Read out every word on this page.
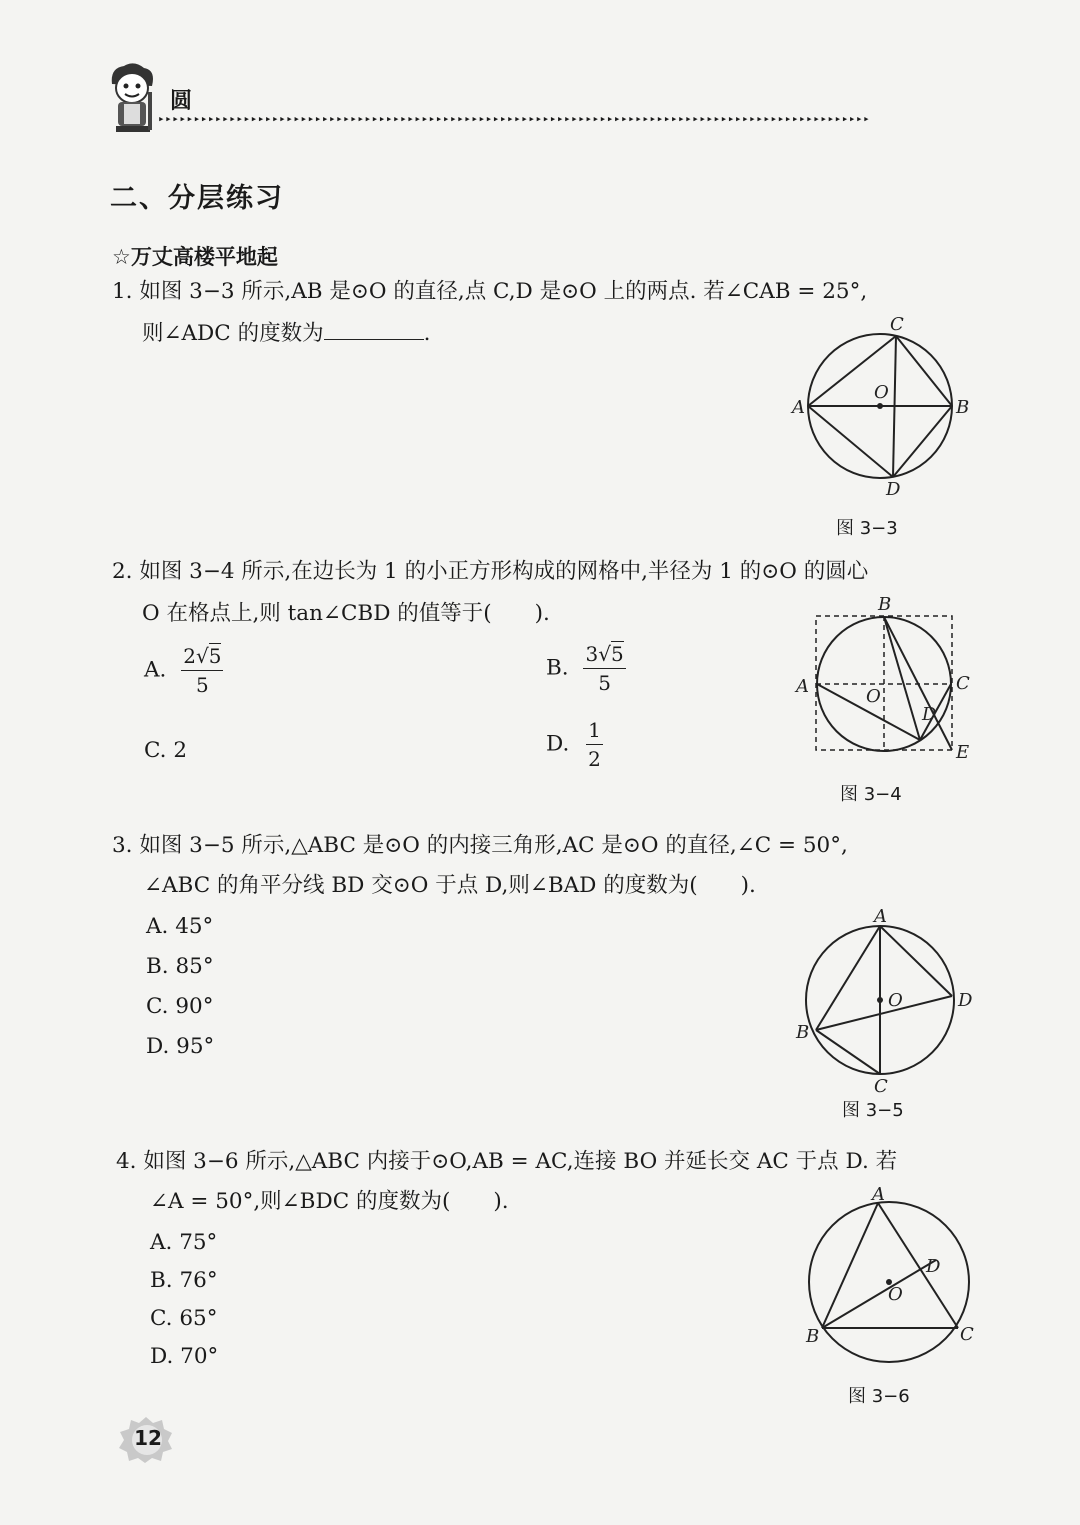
圆
▸▸▸▸▸▸▸▸▸▸▸▸▸▸▸▸▸▸▸▸▸▸▸▸▸▸▸▸▸▸▸▸▸▸▸▸▸▸▸▸▸▸▸▸▸▸▸▸▸▸▸▸▸▸▸▸▸▸▸▸▸▸▸▸▸▸▸▸▸▸▸▸▸▸▸▸▸▸▸▸▸▸▸▸▸▸▸▸▸▸▸▸▸▸▸▸▸▸▸▸
二、分层练习
☆万丈高楼平地起
1. 如图 3−3 所示,AB 是⊙O 的直径,点 C,D 是⊙O 上的两点. 若∠CAB = 25°,
则∠ADC 的度数为	.
A	B
C
D
O
图 3−3
2. 如图 3−4 所示,在边长为 1 的小正方形构成的网格中,半径为 1 的⊙O 的圆心
O 在格点上,则 tan∠CBD 的值等于(　　).
A. $\frac{2√5}{5}$	B. $\frac{3√5}{5}$
C. 2	D. $\frac{1}{2}$
B
A	C
D
E
O
图 3−4
3. 如图 3−5 所示,△ABC 是⊙O 的内接三角形,AC 是⊙O 的直径,∠C = 50°,
∠ABC 的角平分线 BD 交⊙O 于点 D,则∠BAD 的度数为(　　).
A. 45°
B. 85°
C. 90°
D. 95°
A
B
C
D
O
图 3−5
4. 如图 3−6 所示,△ABC 内接于⊙O,AB = AC,连接 BO 并延长交 AC 于点 D. 若
∠A = 50°,则∠BDC 的度数为(　　).
A. 75°
B. 76°
C. 65°
D. 70°
A
B	C
D
O
图 3−6
12
